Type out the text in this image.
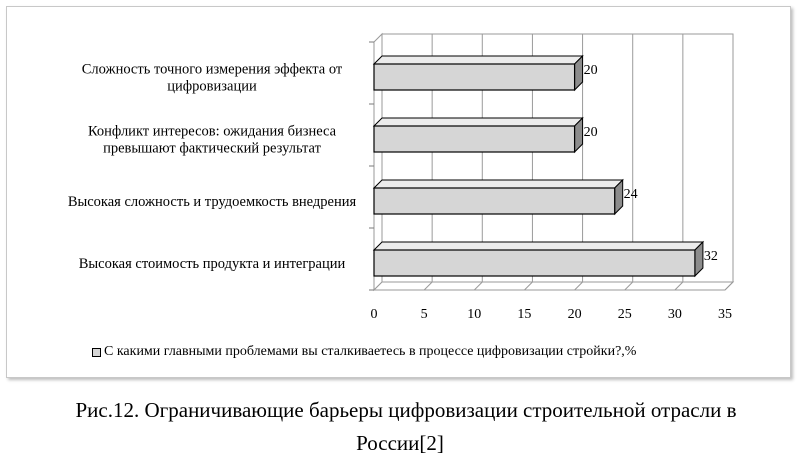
0	5	10	15	20	25	30	35
20
Сложность точного измерения эффекта от
цифровизации
20
Конфликт интересов: ожидания бизнеса
превышают фактический результат
24
Высокая сложность и трудоемкость внедрения
32
Высокая стоимость продукта и интеграции
С какими главными проблемами вы сталкиваетесь в процессе цифровизации стройки?,%
Рис.12. Ограничивающие барьеры цифровизации строительной отрасли в
России[2]
